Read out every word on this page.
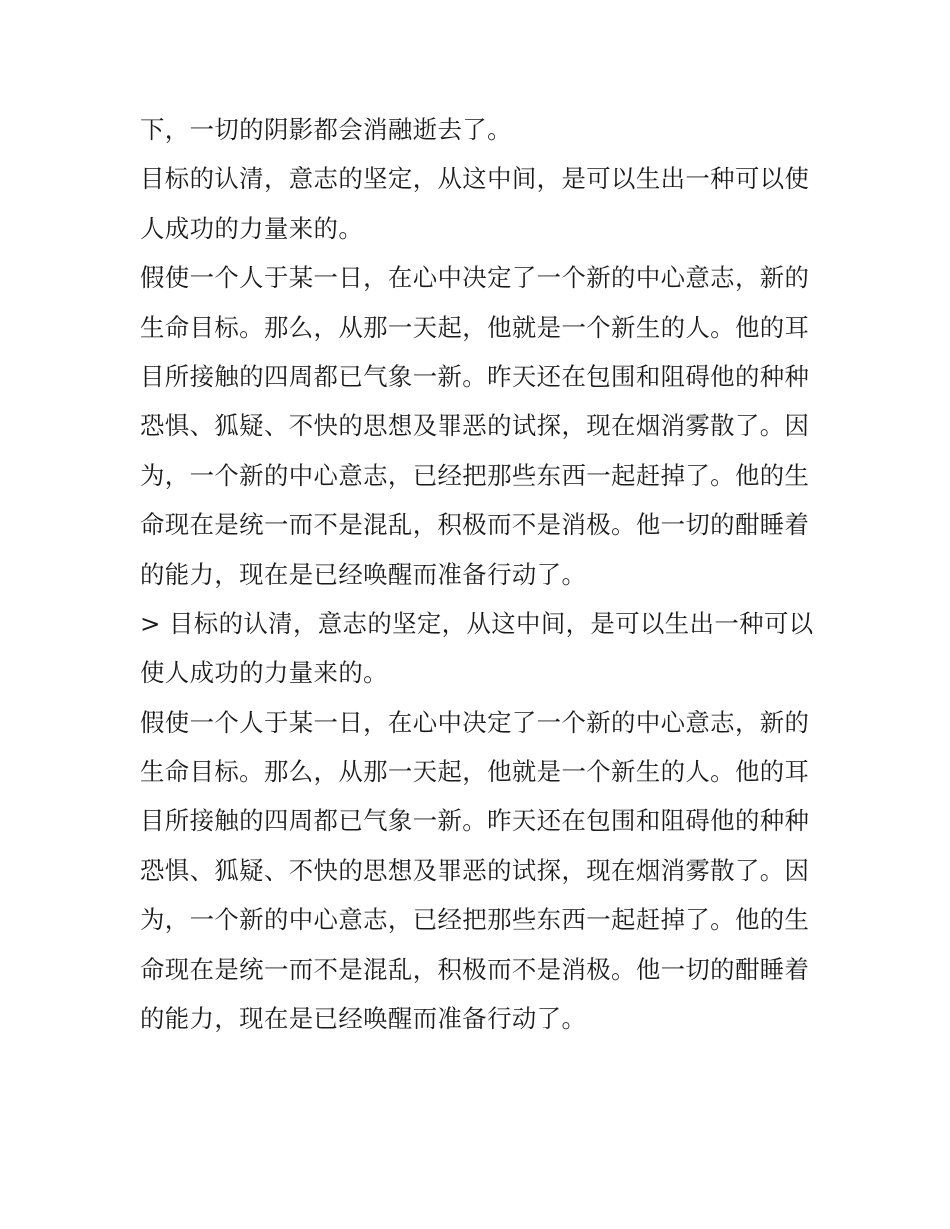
下，一切的阴影都会消融逝去了。
目标的认清，意志的坚定，从这中间，是可以生出一种可以使
人成功的力量来的。
假使一个人于某一日，在心中决定了一个新的中心意志，新的
生命目标。那么，从那一天起，他就是一个新生的人。他的耳
目所接触的四周都已气象一新。昨天还在包围和阻碍他的种种
恐惧、狐疑、不快的思想及罪恶的试探，现在烟消雾散了。因
为，一个新的中心意志，已经把那些东西一起赶掉了。他的生
命现在是统一而不是混乱，积极而不是消极。他一切的酣睡着
的能力，现在是已经唤醒而准备行动了。
> 目标的认清，意志的坚定，从这中间，是可以生出一种可以
使人成功的力量来的。
假使一个人于某一日，在心中决定了一个新的中心意志，新的
生命目标。那么，从那一天起，他就是一个新生的人。他的耳
目所接触的四周都已气象一新。昨天还在包围和阻碍他的种种
恐惧、狐疑、不快的思想及罪恶的试探，现在烟消雾散了。因
为，一个新的中心意志，已经把那些东西一起赶掉了。他的生
命现在是统一而不是混乱，积极而不是消极。他一切的酣睡着
的能力，现在是已经唤醒而准备行动了。
